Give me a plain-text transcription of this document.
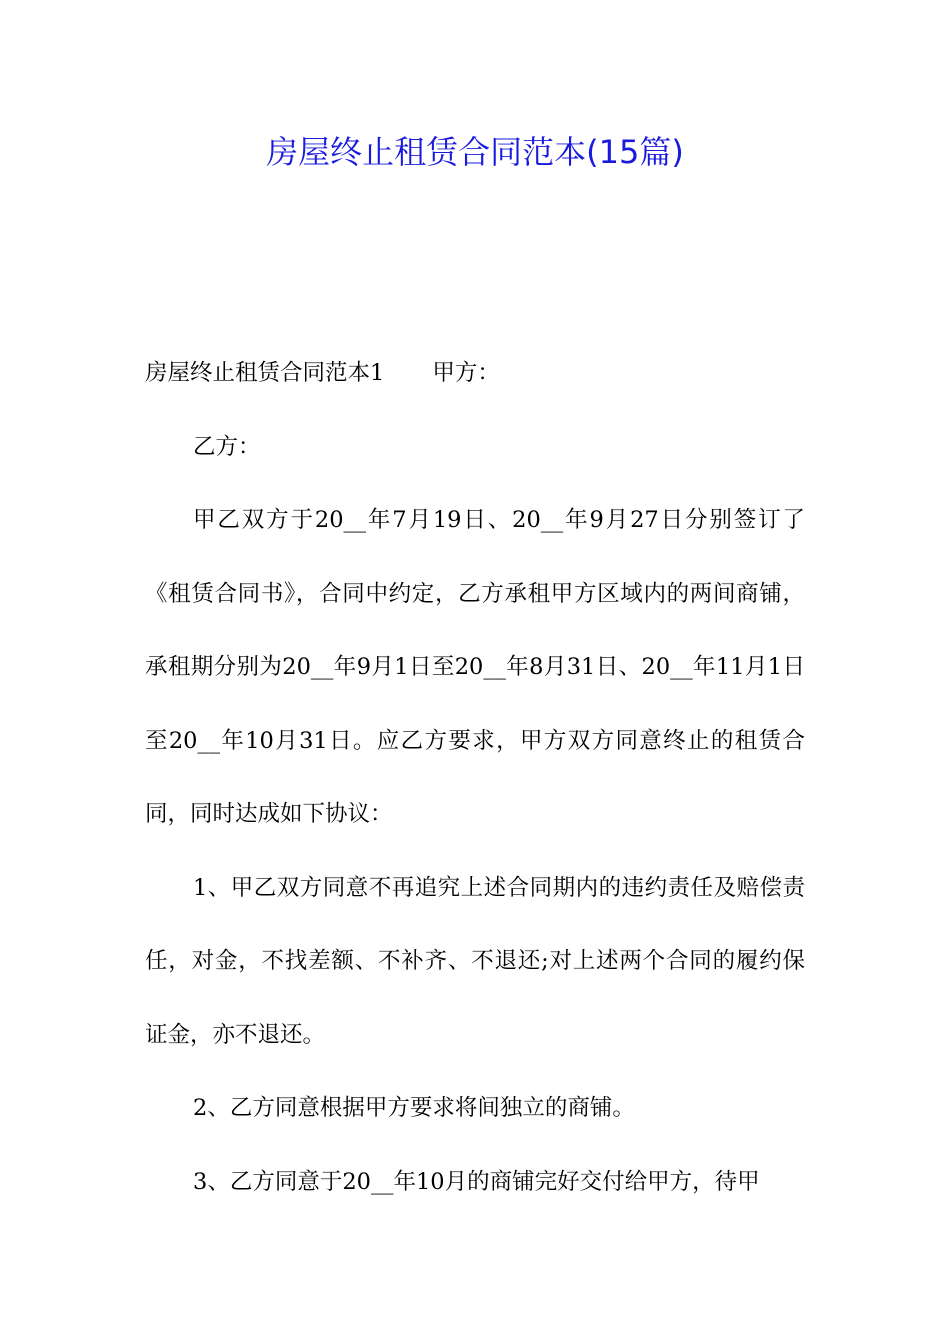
房屋终止租赁合同范本(15篇)

房屋终止租赁合同范本1 甲方：

乙方：

甲乙双方于20__年7月19日、20__年9月27日分别签订了《租赁合同书》，合同中约定，乙方承租甲方区域内的两间商铺，承租期分别为20__年9月1日至20__年8月31日、20__年11月1日至20__年10月31日。应乙方要求，甲方双方同意终止的租赁合同，同时达成如下协议：

1、甲乙双方同意不再追究上述合同期内的违约责任及赔偿责任，对金，不找差额、不补齐、不退还;对上述两个合同的履约保证金，亦不退还。

2、乙方同意根据甲方要求将间独立的商铺。

3、乙方同意于20__年10月的商铺完好交付给甲方，待甲
